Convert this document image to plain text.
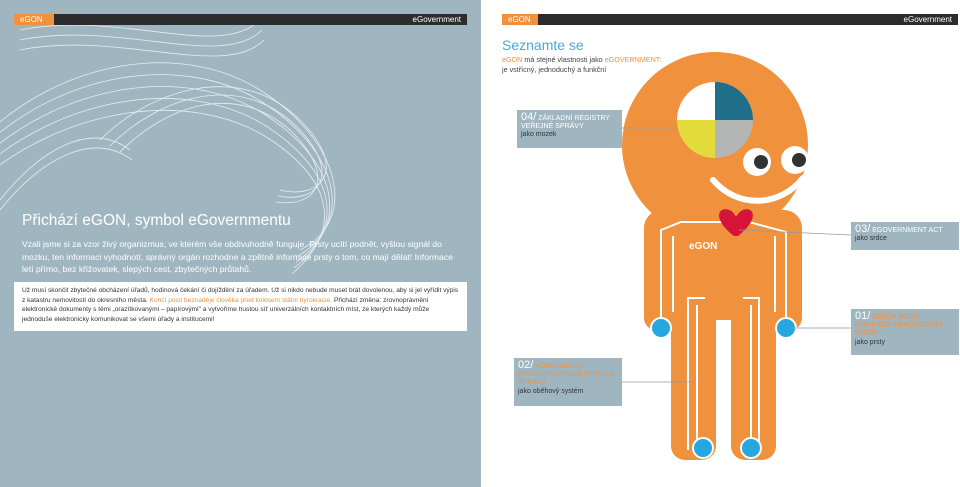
eGON	eGovernment
Přichází eGON, symbol eGovernmentu
Vzali jsme si za vzor živý organizmus, ve kterém vše obdivuhodně funguje. Prsty ucítí podnět, vyšlou signál do mozku, ten informaci vyhodnotí, správný orgán rozhodne a zpětně informuje prsty o tom, co mají dělat! Informace letí přímo, bez křižovatek, slepých cest, zbytečných průtahů.
Už musí skončit zbytečné obcházení úřadů, hodinová čekání či dojíždění za úřadem. Už si nikdo nebude muset brát dovolenou, aby si jel vyřídit výpis z katastru nemovitostí do okresního města. Končí pocit beznaděje člověka před kolosem státní byrokracie. Přichází změna: zrovnoprávnění elektronické dokumenty s těmi „orazítkovanými – papírovými" a vytvoříme hustou síť univerzálních kontaktních míst, ze kterých každý může jednoduše elektronicky komunikovat se všemi úřady a institucemi!
eGON	eGovernment
Seznamte se
eGON má stejné vlastnosti jako eGOVERNMENT:
je vstřícný, jednoduchý a funkční
eGON
04/ ZÁKLADNÍ REGISTRY VEŘEJNÉ SPRÁVY
jako mozek
03/ EGOVERNMENT ACT
jako srdce
01/ CZECH POINT UNIVERZÁLNÍ KONTAKTNÍ MÍSTO
jako prsty
02/ KOMUNIKAČNÍ INFRASTRUKTURA VEŘEJNÉ SPRÁVY
jako oběhový systém
